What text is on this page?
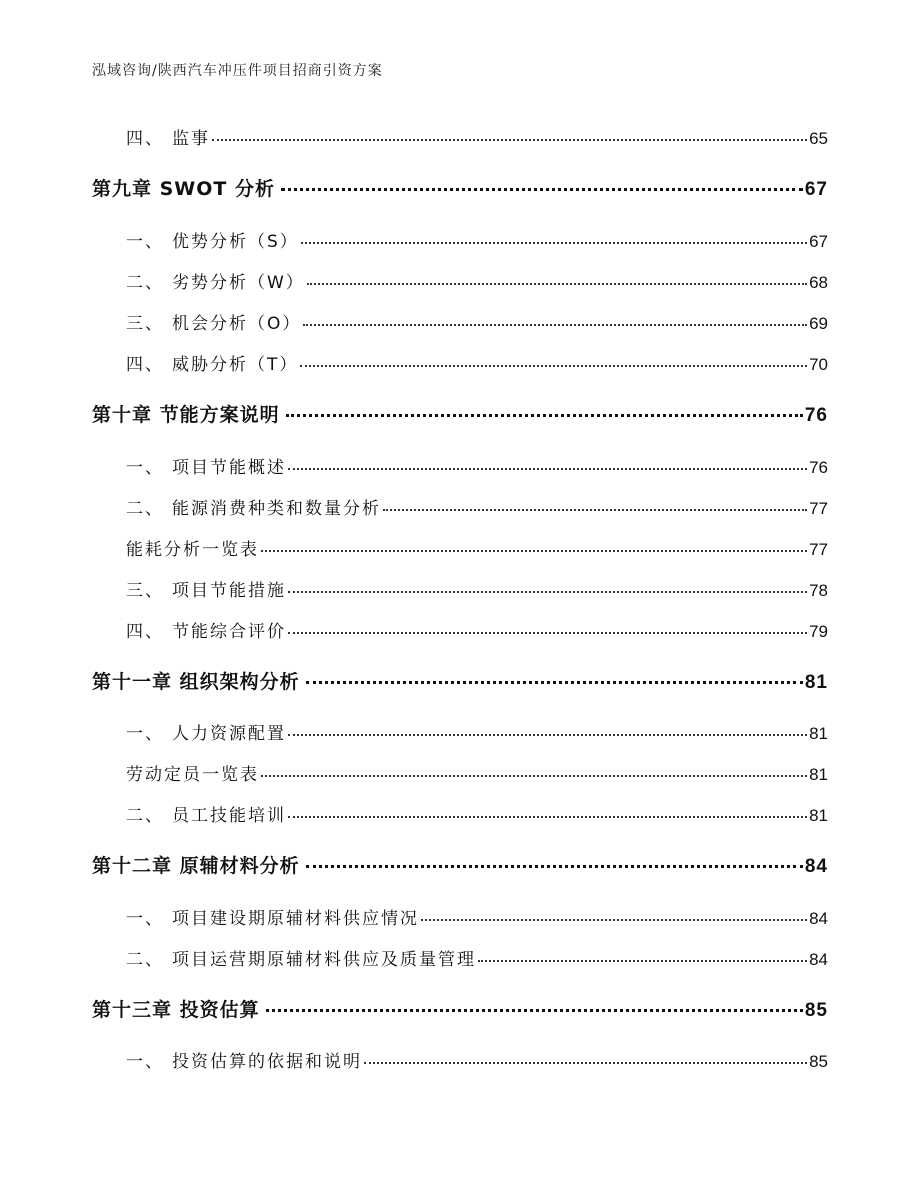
泓域咨询/陕西汽车冲压件项目招商引资方案
四、 监事	65
第九章 SWOT 分析	67
一、 优势分析（S）	67
二、 劣势分析（W）	68
三、 机会分析（O）	69
四、 威胁分析（T）	70
第十章 节能方案说明	76
一、 项目节能概述	76
二、 能源消费种类和数量分析	77
能耗分析一览表	77
三、 项目节能措施	78
四、 节能综合评价	79
第十一章 组织架构分析	81
一、 人力资源配置	81
劳动定员一览表	81
二、 员工技能培训	81
第十二章 原辅材料分析	84
一、 项目建设期原辅材料供应情况	84
二、 项目运营期原辅材料供应及质量管理	84
第十三章 投资估算	85
一、 投资估算的依据和说明	85
